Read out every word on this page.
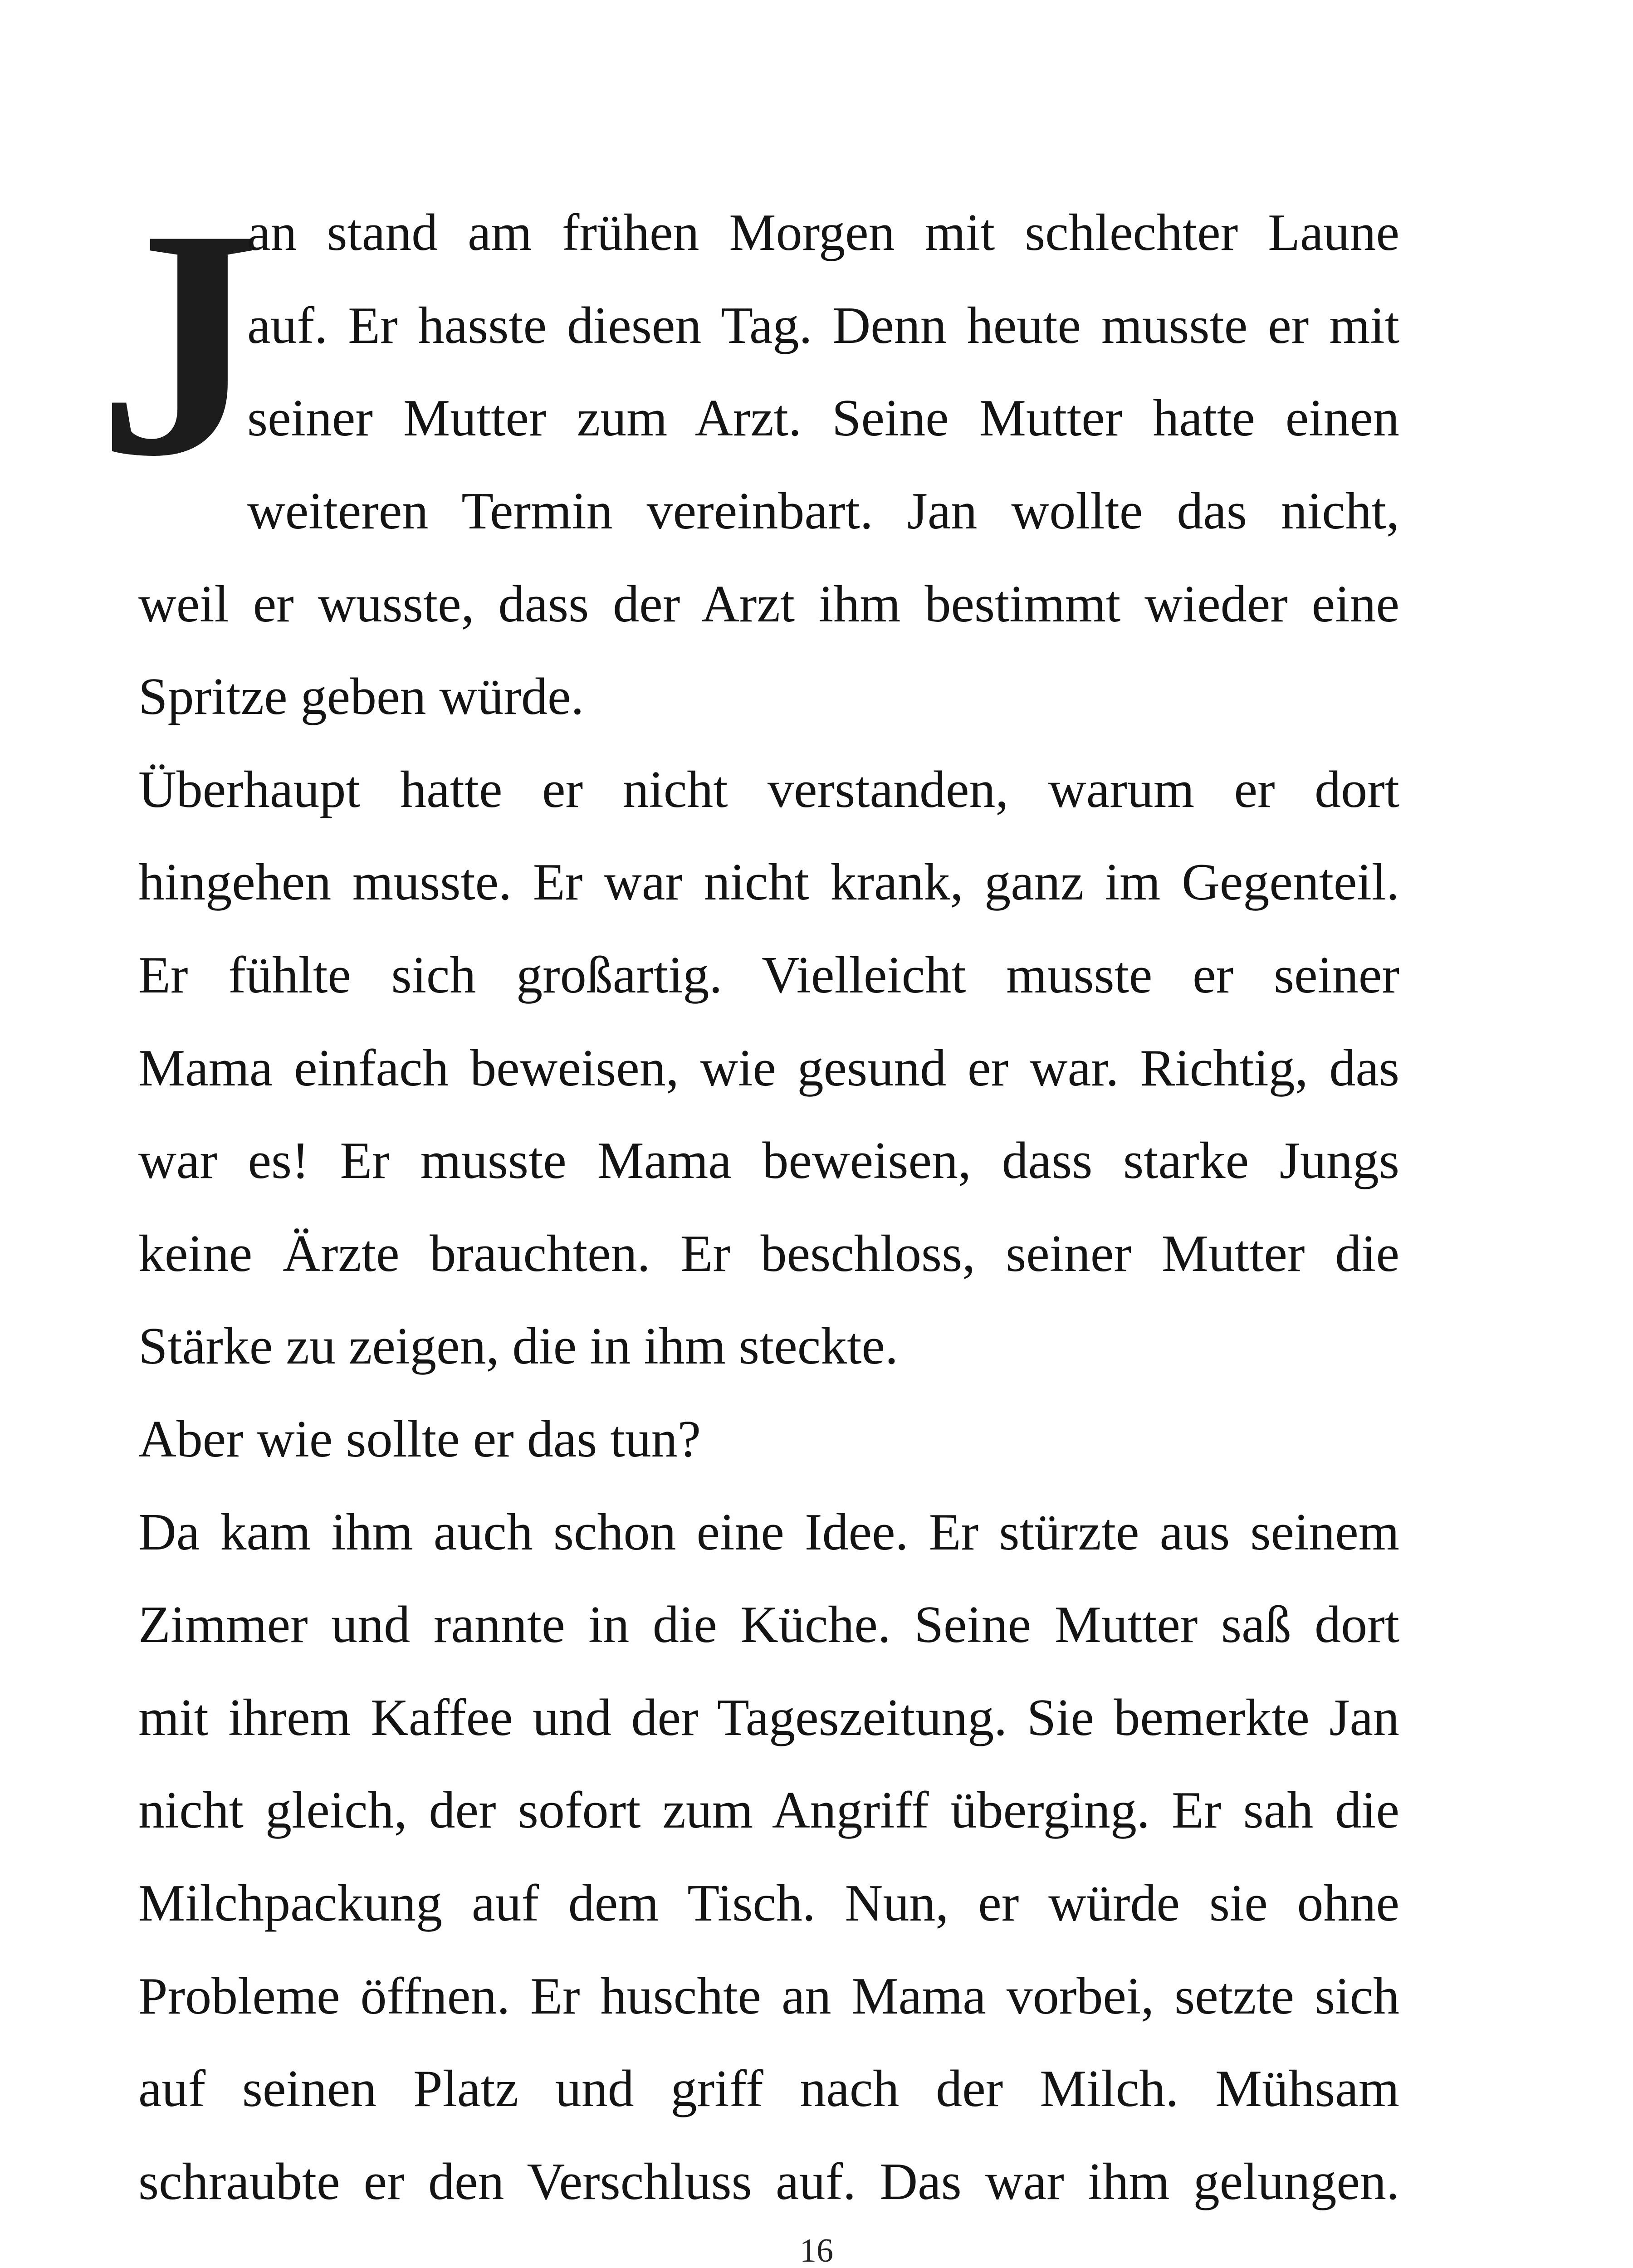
J

an stand am frühen Morgen mit schlechter Laune

auf. Er hasste diesen Tag. Denn heute musste er mit

seiner Mutter zum Arzt. Seine Mutter hatte einen

weiteren Termin vereinbart. Jan wollte das nicht,

weil er wusste, dass der Arzt ihm bestimmt wieder eine

Spritze geben würde.

Überhaupt hatte er nicht verstanden, warum er dort

hingehen musste. Er war nicht krank, ganz im Gegenteil.

Er fühlte sich großartig. Vielleicht musste er seiner

Mama einfach beweisen, wie gesund er war. Richtig, das

war es! Er musste Mama beweisen, dass starke Jungs

keine Ärzte brauchten. Er beschloss, seiner Mutter die

Stärke zu zeigen, die in ihm steckte.

Aber wie sollte er das tun?

Da kam ihm auch schon eine Idee. Er stürzte aus seinem

Zimmer und rannte in die Küche. Seine Mutter saß dort

mit ihrem Kaffee und der Tageszeitung. Sie bemerkte Jan

nicht gleich, der sofort zum Angriff überging. Er sah die

Milchpackung auf dem Tisch. Nun, er würde sie ohne

Probleme öffnen. Er huschte an Mama vorbei, setzte sich

auf seinen Platz und griff nach der Milch. Mühsam

schraubte er den Verschluss auf. Das war ihm gelungen.

16
